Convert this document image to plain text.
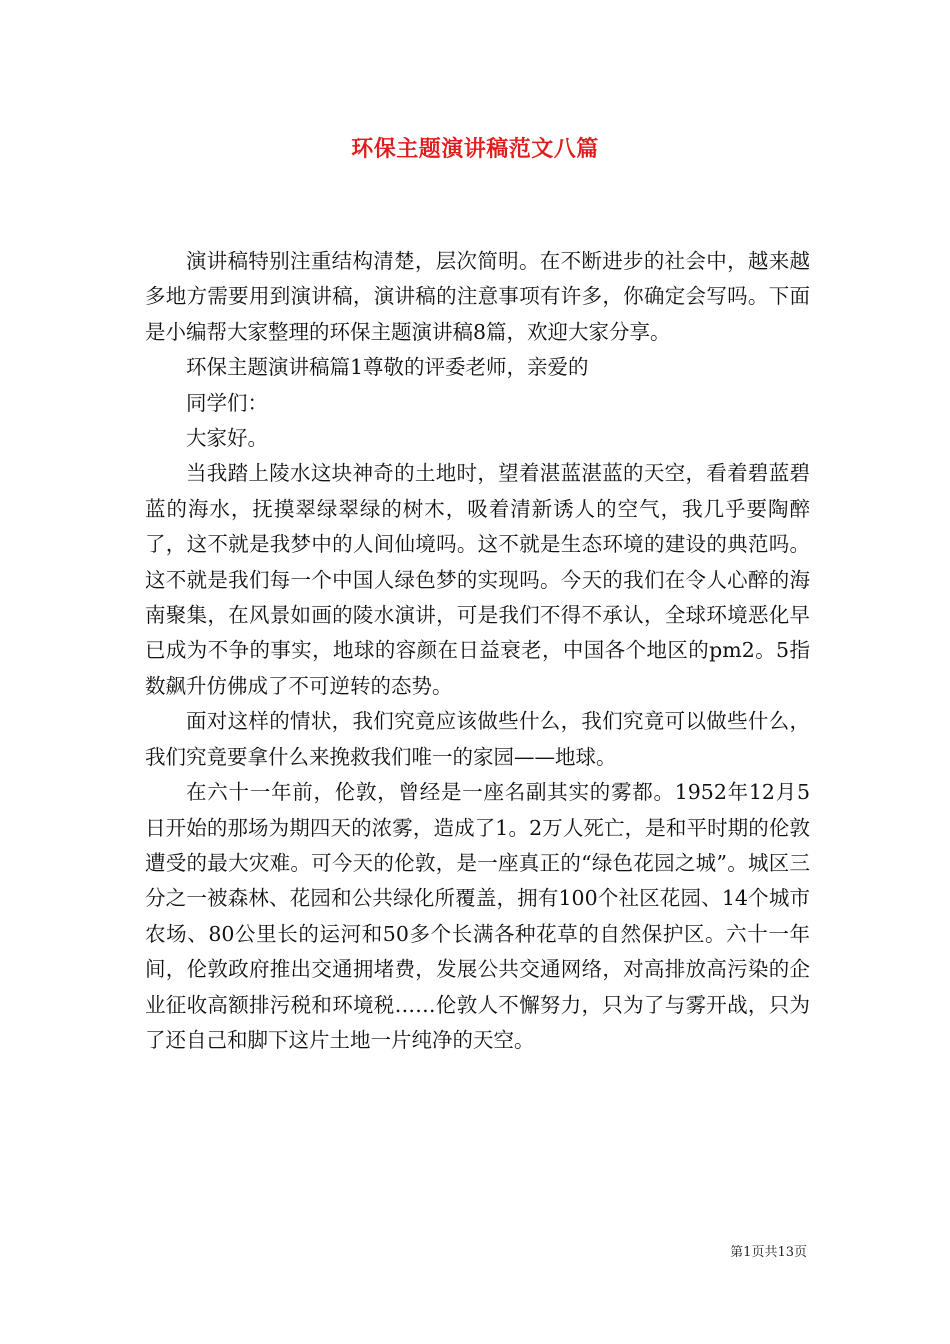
环保主题演讲稿范文八篇

演讲稿特别注重结构清楚，层次简明。在不断进步的社会中，越来越多地方需要用到演讲稿，演讲稿的注意事项有许多，你确定会写吗。下面是小编帮大家整理的环保主题演讲稿8篇，欢迎大家分享。

环保主题演讲稿篇1尊敬的评委老师，亲爱的

同学们：

大家好。

当我踏上陵水这块神奇的土地时，望着湛蓝湛蓝的天空，看着碧蓝碧蓝的海水，抚摸翠绿翠绿的树木，吸着清新诱人的空气，我几乎要陶醉了，这不就是我梦中的人间仙境吗。这不就是生态环境的建设的典范吗。这不就是我们每一个中国人绿色梦的实现吗。今天的我们在令人心醉的海南聚集，在风景如画的陵水演讲，可是我们不得不承认，全球环境恶化早已成为不争的事实，地球的容颜在日益衰老，中国各个地区的pm2。5指数飙升仿佛成了不可逆转的态势。

面对这样的情状，我们究竟应该做些什么，我们究竟可以做些什么，我们究竟要拿什么来挽救我们唯一的家园——地球。

在六十一年前，伦敦，曾经是一座名副其实的雾都。1952年12月5日开始的那场为期四天的浓雾，造成了1。2万人死亡，是和平时期的伦敦遭受的最大灾难。可今天的伦敦，是一座真正的“绿色花园之城”。城区三分之一被森林、花园和公共绿化所覆盖，拥有100个社区花园、14个城市农场、80公里长的运河和50多个长满各种花草的自然保护区。六十一年间，伦敦政府推出交通拥堵费，发展公共交通网络，对高排放高污染的企业征收高额排污税和环境税……伦敦人不懈努力，只为了与雾开战，只为了还自己和脚下这片土地一片纯净的天空。

第1页共13页
